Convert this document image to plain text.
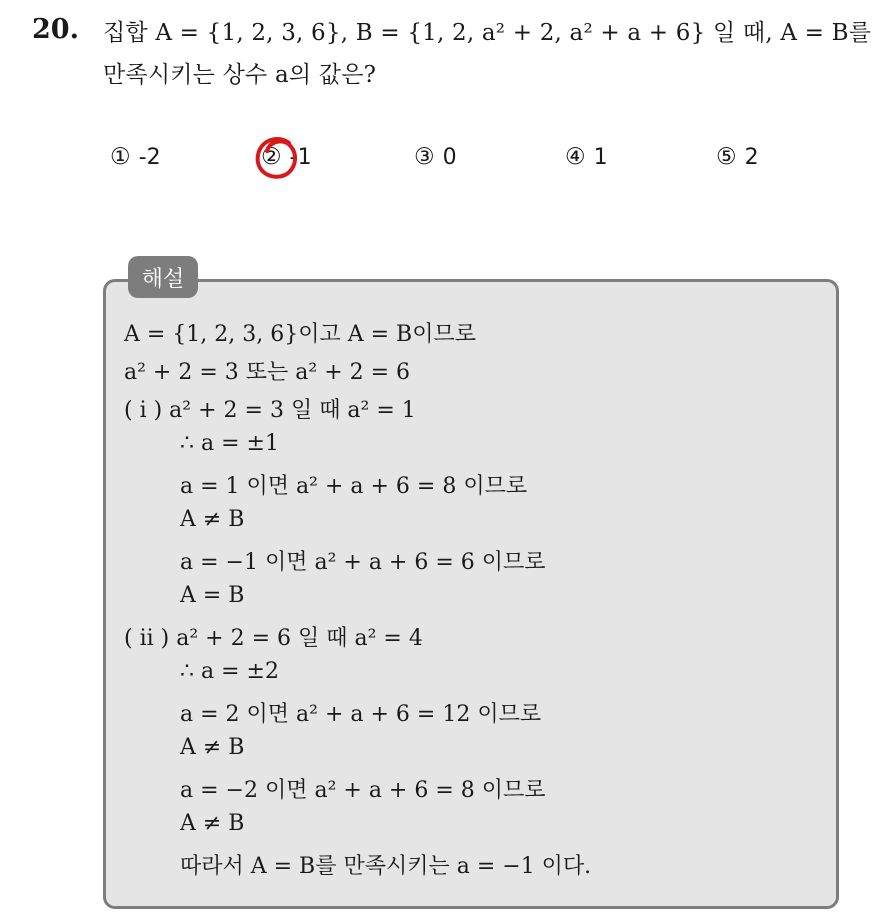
20. 집합 A = {1, 2, 3, 6}, B = {1, 2, a² + 2, a² + a + 6} 일 때, A = B를
만족시키는 상수 a의 값은?
① -2	② -1	③ 0	④ 1	⑤ 2
해설
A = {1, 2, 3, 6}이고 A = B이므로
a² + 2 = 3 또는 a² + 2 = 6
( i ) a² + 2 = 3 일 때 a² = 1
∴ a = ±1
a = 1 이면 a² + a + 6 = 8 이므로
A ≠ B
a = −1 이면 a² + a + 6 = 6 이므로
A = B
( ii ) a² + 2 = 6 일 때 a² = 4
∴ a = ±2
a = 2 이면 a² + a + 6 = 12 이므로
A ≠ B
a = −2 이면 a² + a + 6 = 8 이므로
A ≠ B
따라서 A = B를 만족시키는 a = −1 이다.
